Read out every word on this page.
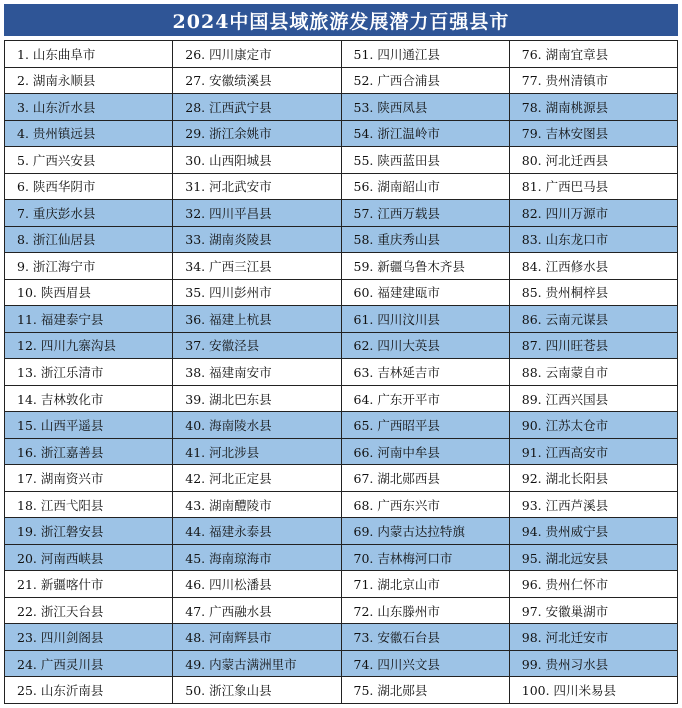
2024中国县域旅游发展潜力百强县市
1. 山东曲阜市
2. 湖南永顺县
3. 山东沂水县
4. 贵州镇远县
5. 广西兴安县
6. 陕西华阴市
7. 重庆彭水县
8. 浙江仙居县
9. 浙江海宁市
10. 陕西眉县
11. 福建泰宁县
12. 四川九寨沟县
13. 浙江乐清市
14. 吉林敦化市
15. 山西平遥县
16. 浙江嘉善县
17. 湖南资兴市
18. 江西弋阳县
19. 浙江磐安县
20. 河南西峡县
21. 新疆喀什市
22. 浙江天台县
23. 四川剑阁县
24. 广西灵川县
25. 山东沂南县
26. 四川康定市
27. 安徽绩溪县
28. 江西武宁县
29. 浙江余姚市
30. 山西阳城县
31. 河北武安市
32. 四川平昌县
33. 湖南炎陵县
34. 广西三江县
35. 四川彭州市
36. 福建上杭县
37. 安徽泾县
38. 福建南安市
39. 湖北巴东县
40. 海南陵水县
41. 河北涉县
42. 河北正定县
43. 湖南醴陵市
44. 福建永泰县
45. 海南琼海市
46. 四川松潘县
47. 广西融水县
48. 河南辉县市
49. 内蒙古满洲里市
50. 浙江象山县
51. 四川通江县
52. 广西合浦县
53. 陕西凤县
54. 浙江温岭市
55. 陕西蓝田县
56. 湖南韶山市
57. 江西万载县
58. 重庆秀山县
59. 新疆乌鲁木齐县
60. 福建建瓯市
61. 四川汶川县
62. 四川大英县
63. 吉林延吉市
64. 广东开平市
65. 广西昭平县
66. 河南中牟县
67. 湖北郧西县
68. 广西东兴市
69. 内蒙古达拉特旗
70. 吉林梅河口市
71. 湖北京山市
72. 山东滕州市
73. 安徽石台县
74. 四川兴文县
75. 湖北郧县
76. 湖南宜章县
77. 贵州清镇市
78. 湖南桃源县
79. 吉林安图县
80. 河北迁西县
81. 广西巴马县
82. 四川万源市
83. 山东龙口市
84. 江西修水县
85. 贵州桐梓县
86. 云南元谋县
87. 四川旺苍县
88. 云南蒙自市
89. 江西兴国县
90. 江苏太仓市
91. 江西高安市
92. 湖北长阳县
93. 江西芦溪县
94. 贵州威宁县
95. 湖北远安县
96. 贵州仁怀市
97. 安徽巢湖市
98. 河北迁安市
99. 贵州习水县
100. 四川米易县
